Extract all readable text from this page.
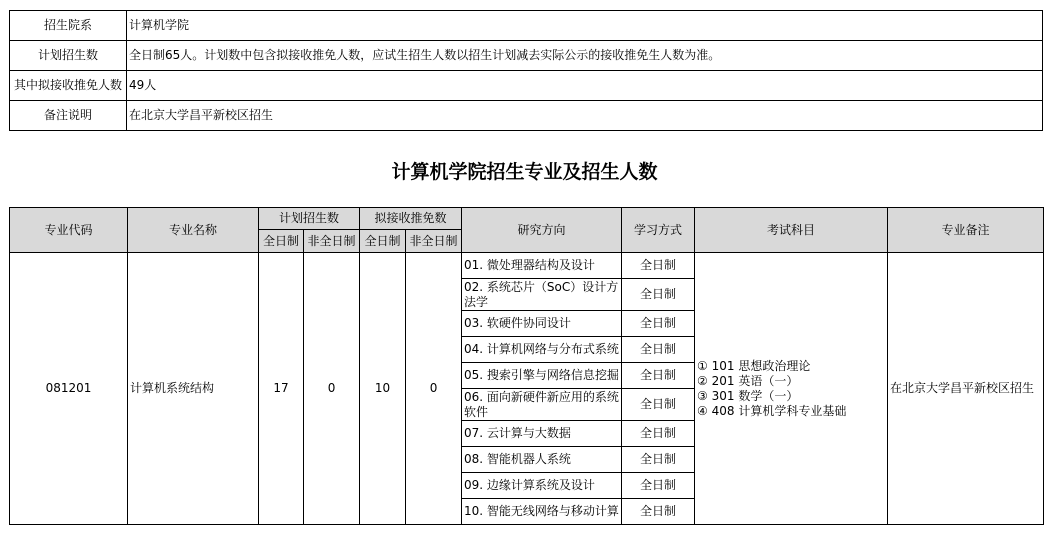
招生院系	计算机学院
计划招生数	全日制65人。计划数中包含拟接收推免人数，应试生招生人数以招生计划减去实际公示的接收推免生人数为准。
其中拟接收推免人数	49人
备注说明	在北京大学昌平新校区招生
计算机学院招生专业及招生人数
专业代码	专业名称	计划招生数		拟接收推免数		研究方向	学习方式	考试科目	专业备注
		全日制	非全日制	全日制	非全日制				
081201	计算机系统结构	17	0	10	0	01. 微处理器结构及设计	全日制	① 101 思想政治理论
② 201 英语（一）
③ 301 数学（一）
④ 408 计算机学科专业基础	在北京大学昌平新校区招生
						02. 系统芯片（SoC）设计方法学	全日制		
						03. 软硬件协同设计	全日制		
						04. 计算机网络与分布式系统	全日制		
						05. 搜索引擎与网络信息挖掘	全日制		
						06. 面向新硬件新应用的系统软件	全日制		
						07. 云计算与大数据	全日制		
						08. 智能机器人系统	全日制		
						09. 边缘计算系统及设计	全日制		
						10. 智能无线网络与移动计算	全日制		
